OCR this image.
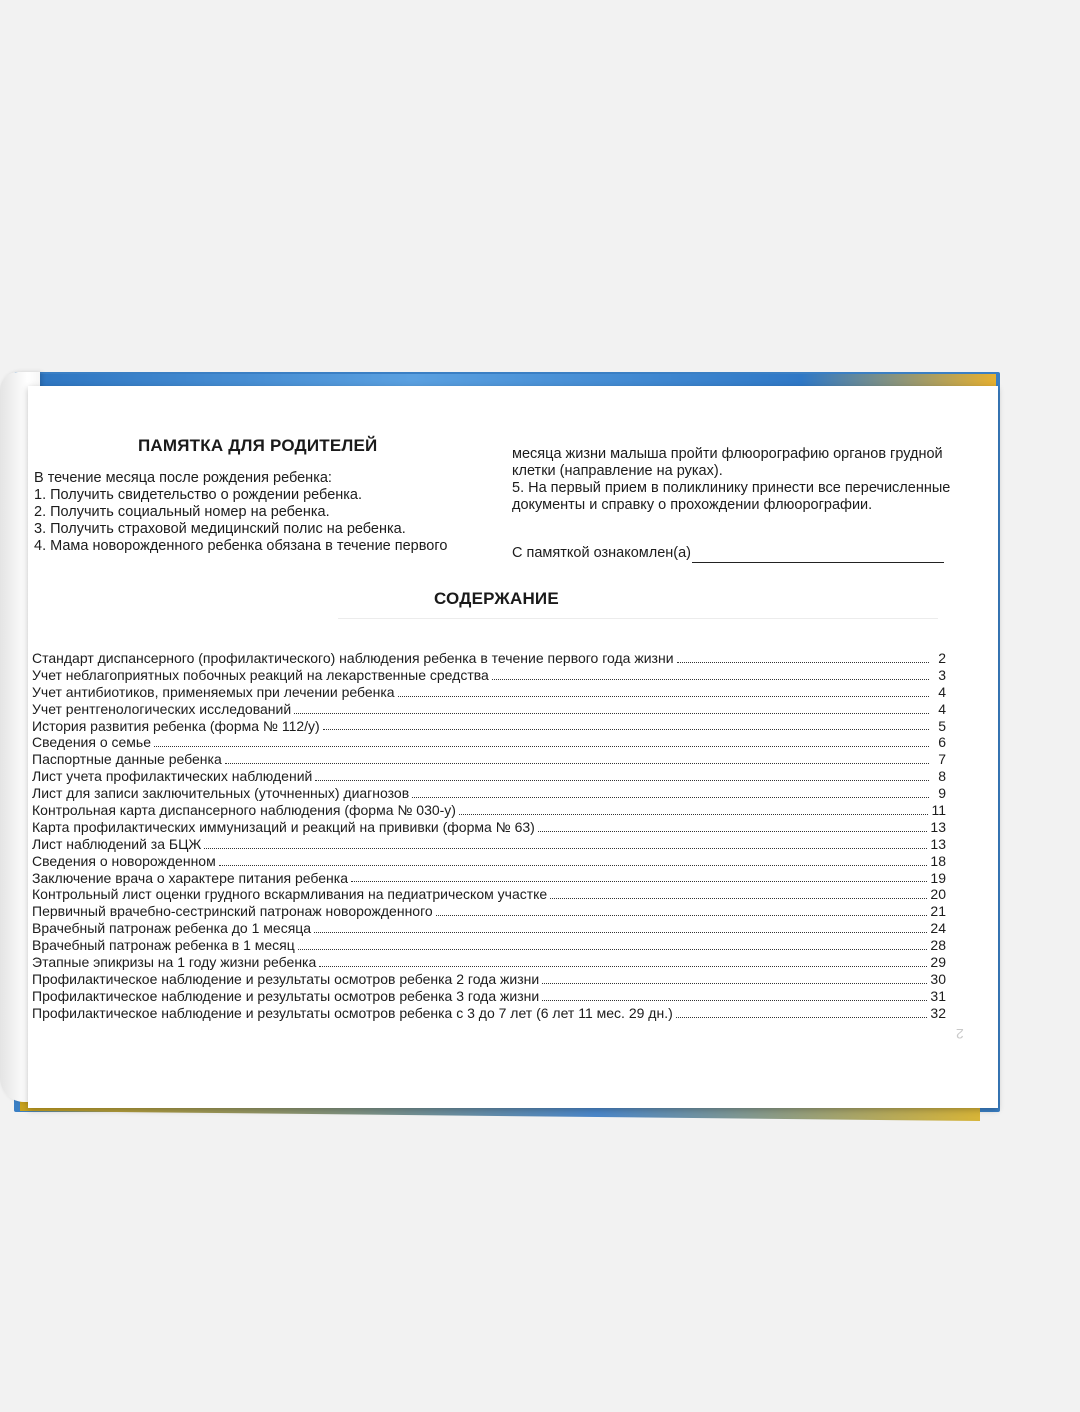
ПАМЯТКА ДЛЯ РОДИТЕЛЕЙ
В течение месяца после рождения ребенка:
1. Получить свидетельство о рождении ребенка.
2. Получить социальный номер на ребенка.
3. Получить страховой медицинский полис на ребенка.
4. Мама новорожденного ребенка обязана в течение первого
месяца жизни малыша пройти флюорографию органов грудной
клетки (направление на руках).
5. На первый прием в поликлинику принести все перечисленные
документы и справку о прохождении флюорографии.
С памяткой ознакомлен(а)
СОДЕРЖАНИЕ
Стандарт диспансерного (профилактического) наблюдения ребенка в течение первого года жизни	2
Учет неблагоприятных побочных реакций на лекарственные средства	3
Учет антибиотиков, применяемых при лечении ребенка	4
Учет рентгенологических исследований	4
История развития ребенка (форма № 112/у)	5
Сведения о семье	6
Паспортные данные ребенка	7
Лист учета профилактических наблюдений	8
Лист для записи заключительных (уточненных) диагнозов	9
Контрольная карта диспансерного наблюдения (форма № 030-у)	11
Карта профилактических иммунизаций и реакций на прививки (форма № 63)	13
Лист наблюдений за БЦЖ	13
Сведения о новорожденном	18
Заключение врача о характере питания ребенка	19
Контрольный лист оценки грудного вскармливания на педиатрическом участке	20
Первичный врачебно-сестринский патронаж новорожденного	21
Врачебный патронаж ребенка до 1 месяца	24
Врачебный патронаж ребенка в 1 месяц	28
Этапные эпикризы на 1 году жизни ребенка	29
Профилактическое наблюдение и результаты осмотров ребенка 2 года жизни	30
Профилактическое наблюдение и результаты осмотров ребенка 3 года жизни	31
Профилактическое наблюдение и результаты осмотров ребенка с 3 до 7 лет (6 лет 11 мес. 29 дн.)	32
2
